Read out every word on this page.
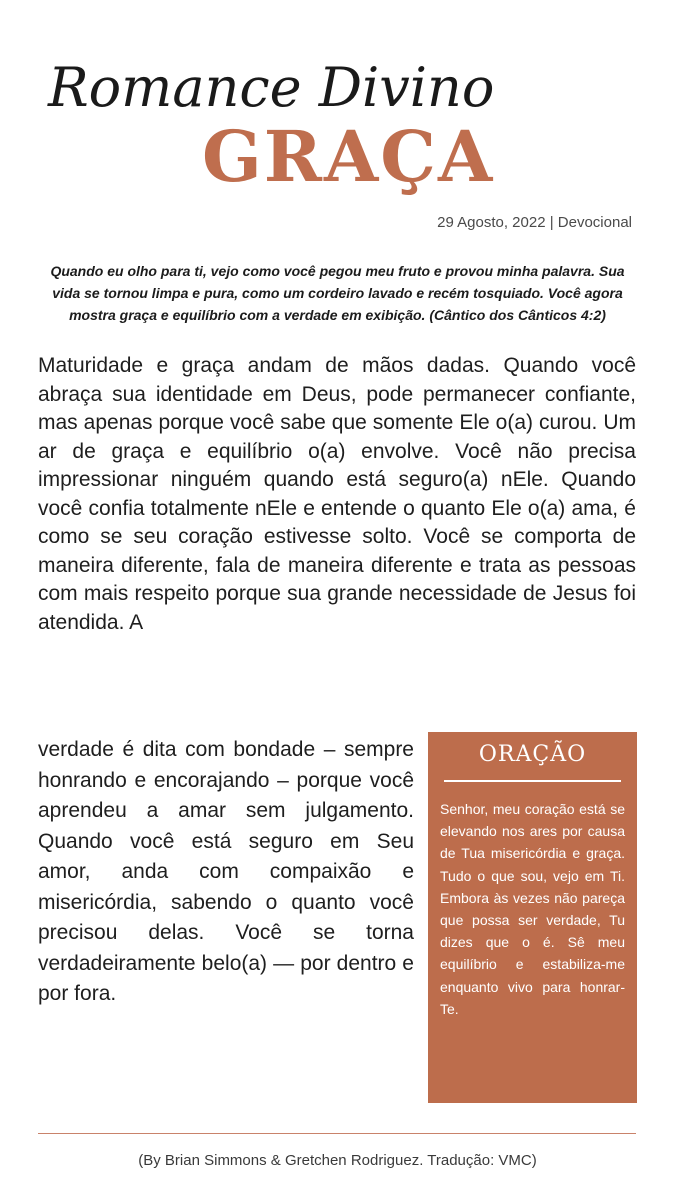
Romance Divino
GRAÇA
29 Agosto, 2022 | Devocional
Quando eu olho para ti, vejo como você pegou meu fruto e provou minha palavra. Sua vida se tornou limpa e pura, como um cordeiro lavado e recém tosquiado. Você agora mostra graça e equilíbrio com a verdade em exibição. (Cântico dos Cânticos 4:2)
Maturidade e graça andam de mãos dadas. Quando você abraça sua identidade em Deus, pode permanecer confiante, mas apenas porque você sabe que somente Ele o(a) curou. Um ar de graça e equilíbrio o(a) envolve. Você não precisa impressionar ninguém quando está seguro(a) nEle. Quando você confia totalmente nEle e entende o quanto Ele o(a) ama, é como se seu coração estivesse solto. Você se comporta de maneira diferente, fala de maneira diferente e trata as pessoas com mais respeito porque sua grande necessidade de Jesus foi atendida. A
verdade é dita com bondade – sempre honrando e encorajando – porque você aprendeu a amar sem julgamento. Quando você está seguro em Seu amor, anda com compaixão e misericórdia, sabendo o quanto você precisou delas. Você se torna verdadeiramente belo(a) — por dentro e por fora.
ORAÇÃO
Senhor, meu coração está se elevando nos ares por causa de Tua misericórdia e graça. Tudo o que sou, vejo em Ti. Embora às vezes não pareça que possa ser verdade, Tu dizes que o é. Sê meu equilíbrio e estabiliza-me enquanto vivo para honrar-Te.
(By Brian Simmons & Gretchen Rodriguez. Tradução: VMC)
